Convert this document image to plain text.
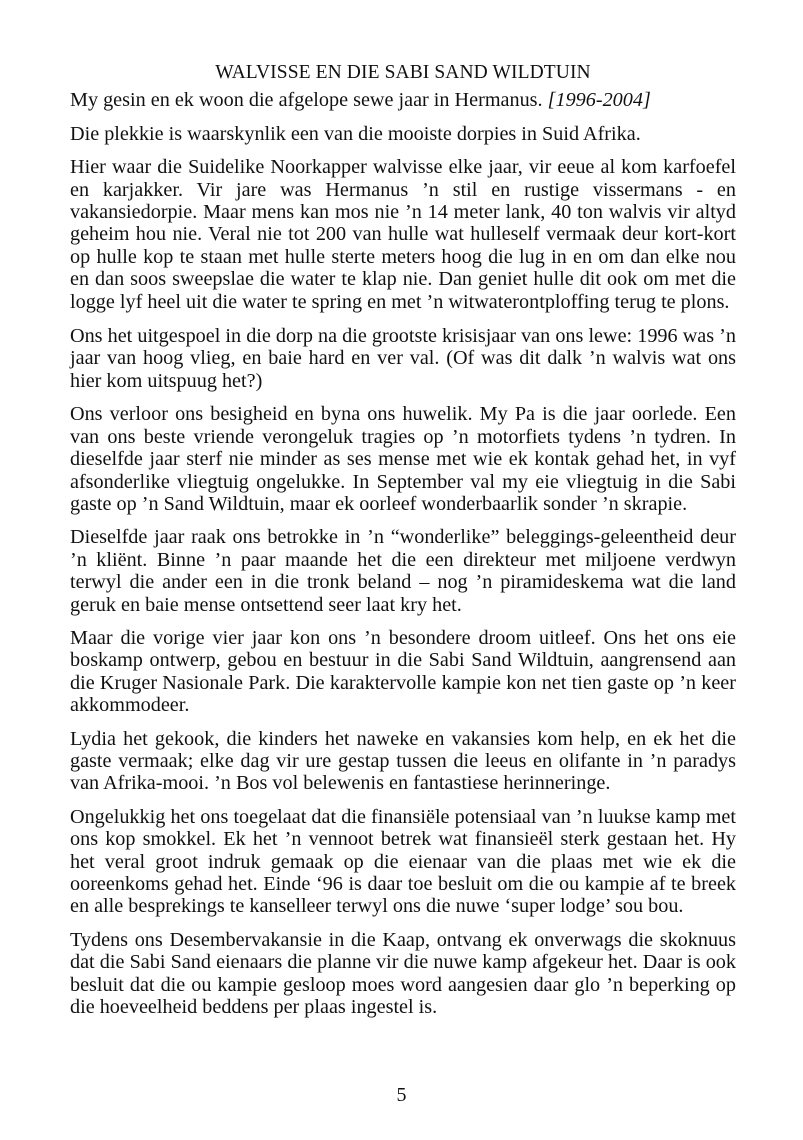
WALVISSE EN DIE SABI SAND WILDTUIN

My gesin en ek woon die afgelope sewe jaar in Hermanus. [1996-2004]

Die plekkie is waarskynlik een van die mooiste dorpies in Suid Afrika.

Hier waar die Suidelike Noorkapper walvisse elke jaar, vir eeue al kom karfoefel en karjakker. Vir jare was Hermanus ’n stil en rustige vissermans - en vakansiedorpie. Maar mens kan mos nie ’n 14 meter lank, 40 ton walvis vir altyd geheim hou nie. Veral nie tot 200 van hulle wat hulleself vermaak deur kort-kort op hulle kop te staan met hulle sterte meters hoog die lug in en om dan elke nou en dan soos sweepslae die water te klap nie. Dan geniet hulle dit ook om met die logge lyf heel uit die water te spring en met ’n witwaterontploffing terug te plons.

Ons het uitgespoel in die dorp na die grootste krisisjaar van ons lewe: 1996 was ’n jaar van hoog vlieg, en baie hard en ver val. (Of was dit dalk ’n walvis wat ons hier kom uitspuug het?)

Ons verloor ons besigheid en byna ons huwelik. My Pa is die jaar oorlede. Een van ons beste vriende verongeluk tragies op ’n motorfiets tydens ’n tydren. In dieselfde jaar sterf nie minder as ses mense met wie ek kontak gehad het, in vyf afsonderlike vliegtuig ongelukke. In September val my eie vliegtuig in die Sabi gaste op ’n Sand Wildtuin, maar ek oorleef wonderbaarlik sonder ’n skrapie.

Dieselfde jaar raak ons betrokke in ’n “wonderlike” beleggings-geleentheid deur ’n kliënt. Binne ’n paar maande het die een direkteur met miljoene verdwyn terwyl die ander een in die tronk beland – nog ’n piramideskema wat die land geruk en baie mense ontsettend seer laat kry het.

Maar die vorige vier jaar kon ons ’n besondere droom uitleef. Ons het ons eie boskamp ontwerp, gebou en bestuur in die Sabi Sand Wildtuin, aangrensend aan die Kruger Nasionale Park. Die karaktervolle kampie kon net tien gaste op ’n keer akkommodeer.

Lydia het gekook, die kinders het naweke en vakansies kom help, en ek het die gaste vermaak; elke dag vir ure gestap tussen die leeus en olifante in ’n paradys van Afrika-mooi. ’n Bos vol belewenis en fantastiese herinneringe.

Ongelukkig het ons toegelaat dat die finansiële potensiaal van ’n luukse kamp met ons kop smokkel. Ek het ’n vennoot betrek wat finansieël sterk gestaan het. Hy het veral groot indruk gemaak op die eienaar van die plaas met wie ek die ooreenkoms gehad het. Einde ‘96 is daar toe besluit om die ou kampie af te breek en alle besprekings te kanselleer terwyl ons die nuwe ‘super lodge’ sou bou.

Tydens ons Desembervakansie in die Kaap, ontvang ek onverwags die skoknuus dat die Sabi Sand eienaars die planne vir die nuwe kamp afgekeur het. Daar is ook besluit dat die ou kampie gesloop moes word aangesien daar glo ’n beperking op die hoeveelheid beddens per plaas ingestel is.

5
